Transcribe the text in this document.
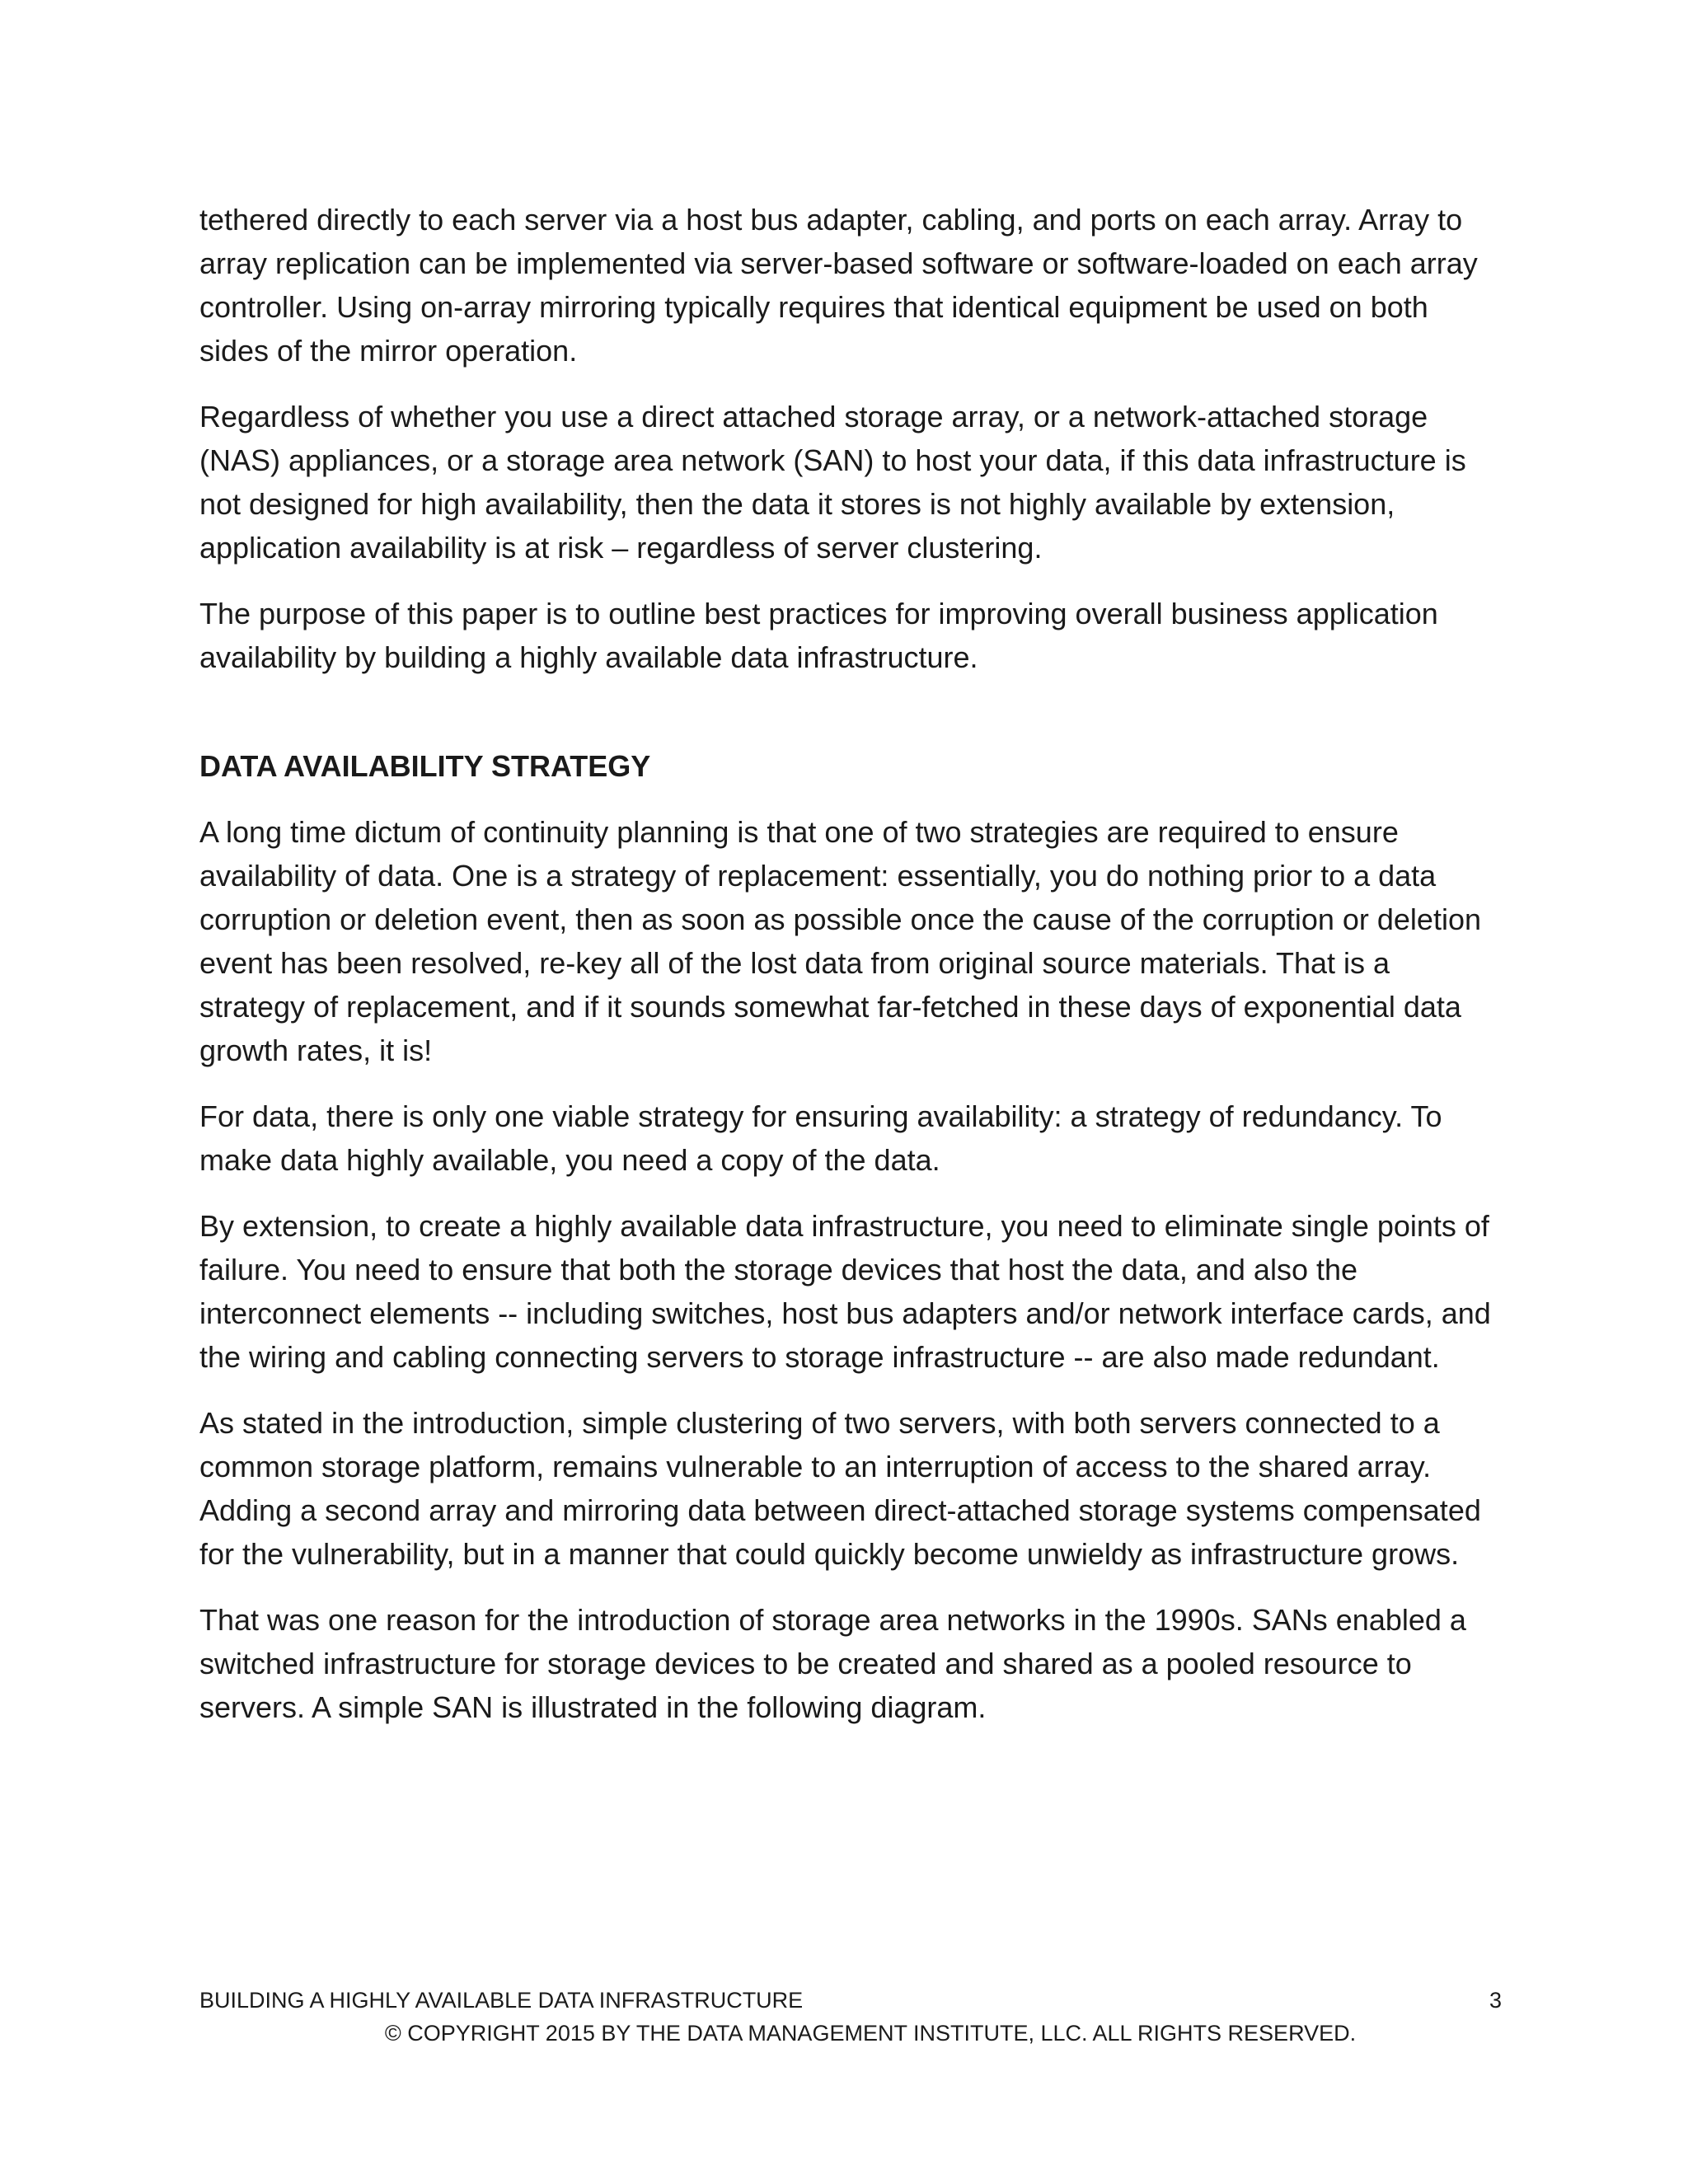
tethered directly to each server via a host bus adapter, cabling, and ports on each array. Array to array replication can be implemented via server-based software or software-loaded on each array controller. Using on-array mirroring typically requires that identical equipment be used on both sides of the mirror operation.

Regardless of whether you use a direct attached storage array, or a network-attached storage (NAS) appliances, or a storage area network (SAN) to host your data, if this data infrastructure is not designed for high availability, then the data it stores is not highly available by extension, application availability is at risk – regardless of server clustering.

The purpose of this paper is to outline best practices for improving overall business application availability by building a highly available data infrastructure.

DATA AVAILABILITY STRATEGY

A long time dictum of continuity planning is that one of two strategies are required to ensure availability of data. One is a strategy of replacement: essentially, you do nothing prior to a data corruption or deletion event, then as soon as possible once the cause of the corruption or deletion event has been resolved, re-key all of the lost data from original source materials. That is a strategy of replacement, and if it sounds somewhat far-fetched in these days of exponential data growth rates, it is!

For data, there is only one viable strategy for ensuring availability: a strategy of redundancy. To make data highly available, you need a copy of the data.

By extension, to create a highly available data infrastructure, you need to eliminate single points of failure. You need to ensure that both the storage devices that host the data, and also the interconnect elements -- including switches, host bus adapters and/or network interface cards, and the wiring and cabling connecting servers to storage infrastructure -- are also made redundant.

As stated in the introduction, simple clustering of two servers, with both servers connected to a common storage platform, remains vulnerable to an interruption of access to the shared array. Adding a second array and mirroring data between direct-attached storage systems compensated for the vulnerability, but in a manner that could quickly become unwieldy as infrastructure grows.

That was one reason for the introduction of storage area networks in the 1990s. SANs enabled a switched infrastructure for storage devices to be created and shared as a pooled resource to servers. A simple SAN is illustrated in the following diagram.

BUILDING A HIGHLY AVAILABLE DATA INFRASTRUCTURE	3
© COPYRIGHT 2015 BY THE DATA MANAGEMENT INSTITUTE, LLC. ALL RIGHTS RESERVED.
